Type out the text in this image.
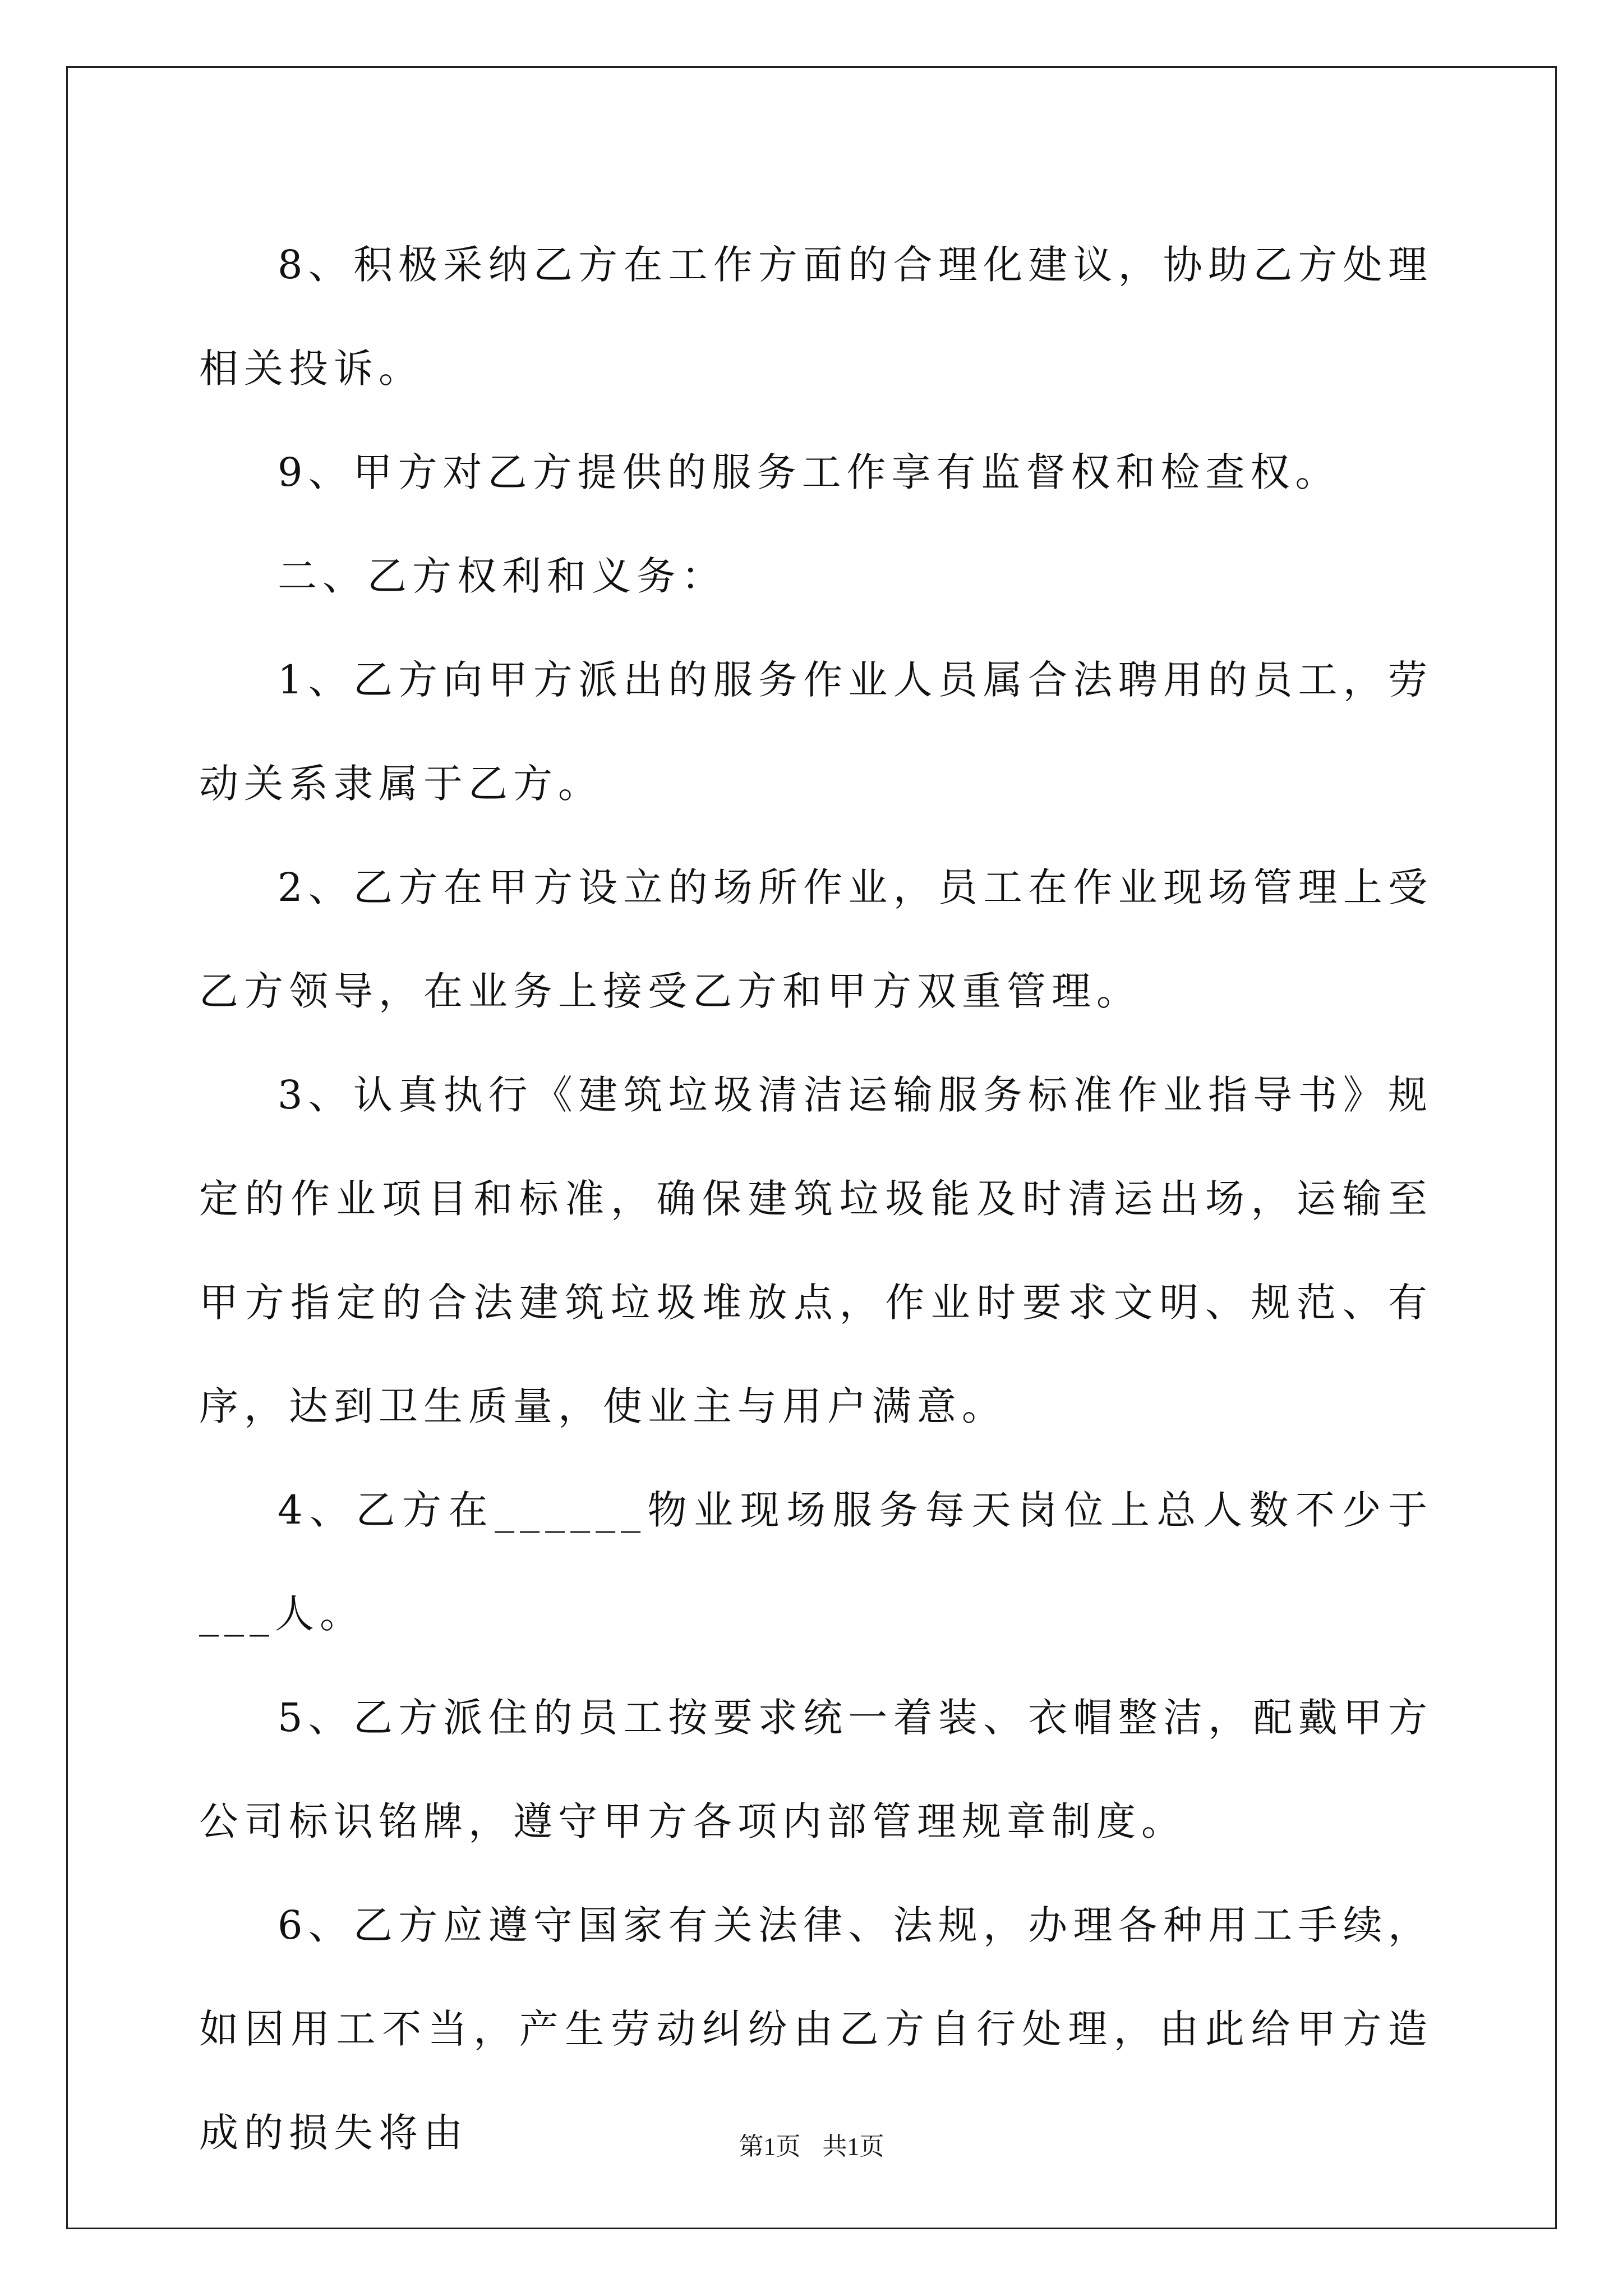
8、积极采纳乙方在工作方面的合理化建议，协助乙方处理相关投诉。

9、甲方对乙方提供的服务工作享有监督权和检查权。

二、乙方权利和义务：

1、乙方向甲方派出的服务作业人员属合法聘用的员工，劳动关系隶属于乙方。

2、乙方在甲方设立的场所作业，员工在作业现场管理上受乙方领导，在业务上接受乙方和甲方双重管理。

3、认真执行《建筑垃圾清洁运输服务标准作业指导书》规定的作业项目和标准，确保建筑垃圾能及时清运出场，运输至甲方指定的合法建筑垃圾堆放点，作业时要求文明、规范、有序，达到卫生质量，使业主与用户满意。

4、乙方在______物业现场服务每天岗位上总人数不少于___人。

5、乙方派住的员工按要求统一着装、衣帽整洁，配戴甲方公司标识铭牌，遵守甲方各项内部管理规章制度。

6、乙方应遵守国家有关法律、法规，办理各种用工手续，如因用工不当，产生劳动纠纷由乙方自行处理，由此给甲方造成的损失将由	第1页 共1页
